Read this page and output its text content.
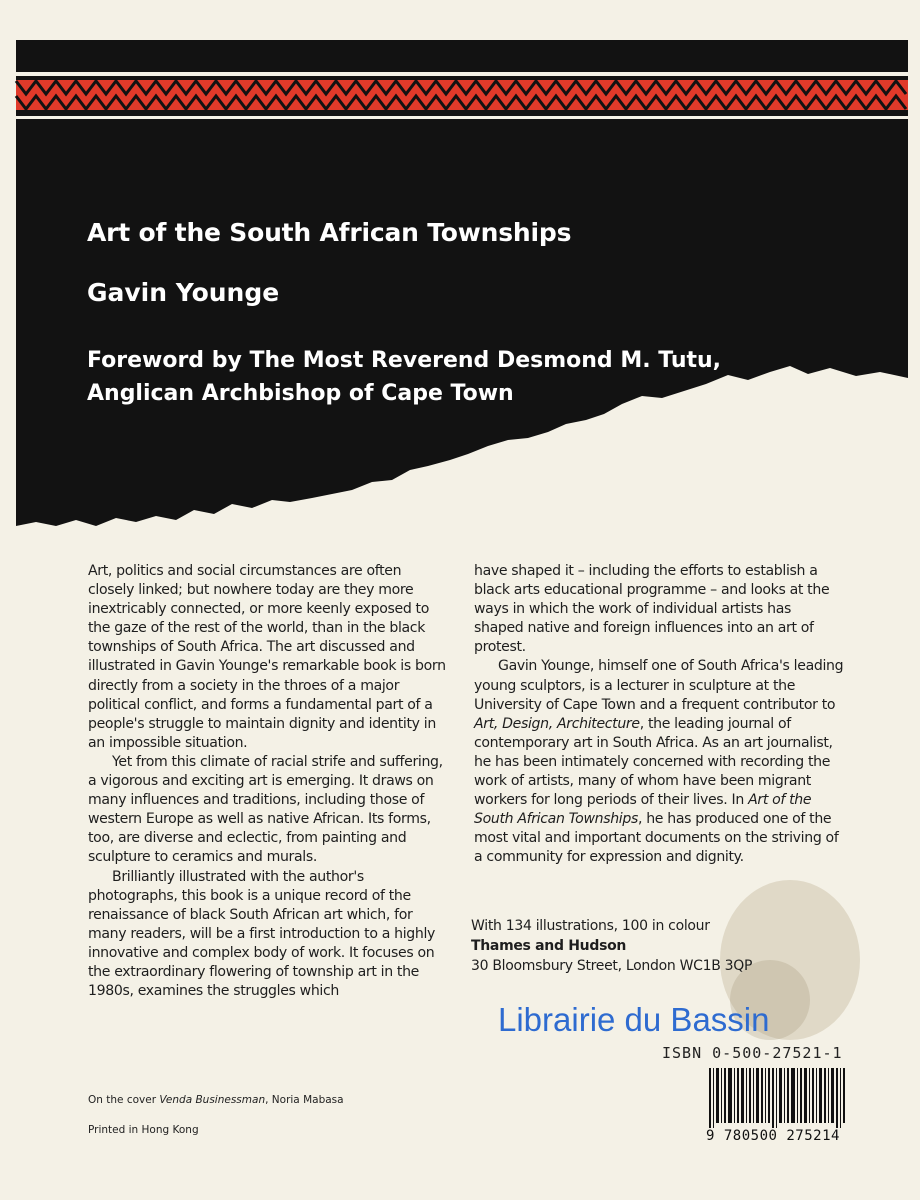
Art of the South African Townships
Gavin Younge
Foreword by The Most Reverend Desmond M. Tutu,
Anglican Archbishop of Cape Town

Art, politics and social circumstances are often closely linked; but nowhere today are they more inextricably connected, or more keenly exposed to the gaze of the rest of the world, than in the black townships of South Africa. The art discussed and illustrated in Gavin Younge's remarkable book is born directly from a society in the throes of a major political conflict, and forms a fundamental part of a people's struggle to maintain dignity and identity in an impossible situation.

Yet from this climate of racial strife and suffering, a vigorous and exciting art is emerging. It draws on many influences and traditions, including those of western Europe as well as native African. Its forms, too, are diverse and eclectic, from painting and sculpture to ceramics and murals.

Brilliantly illustrated with the author's photographs, this book is a unique record of the renaissance of black South African art which, for many readers, will be a first introduction to a highly innovative and complex body of work. It focuses on the extraordinary flowering of township art in the 1980s, examines the struggles which

have shaped it – including the efforts to establish a black arts educational programme – and looks at the ways in which the work of individual artists has shaped native and foreign influences into an art of protest.

Gavin Younge, himself one of South Africa's leading young sculptors, is a lecturer in sculpture at the University of Cape Town and a frequent contributor to Art, Design, Architecture, the leading journal of contemporary art in South Africa. As an art journalist, he has been intimately concerned with recording the work of artists, many of whom have been migrant workers for long periods of their lives. In Art of the South African Townships, he has produced one of the most vital and important documents on the striving of a community for expression and dignity.

With 134 illustrations, 100 in colour
Thames and Hudson
30 Bloomsbury Street, London WC1B 3QP
Librairie du Bassin
ISBN 0-500-27521-1
9 780500 275214
On the cover Venda Businessman, Noria Mabasa
Printed in Hong Kong
